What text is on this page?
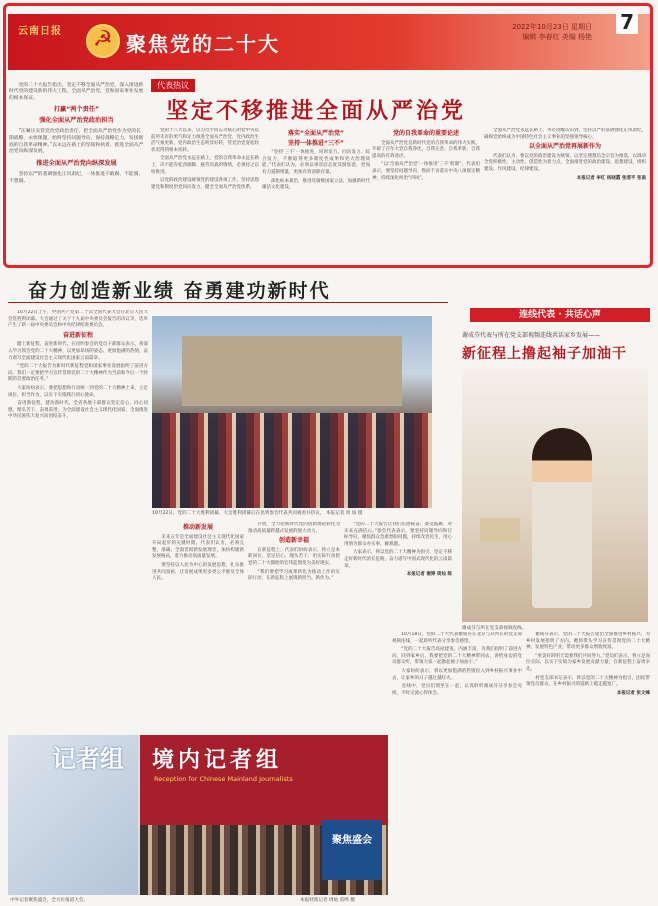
云南日报
☭
聚焦党的二十大
2022年10月23日 星期日
编辑 李春红 美编 杨艳
7

　　党的二十大报告指出，坚定不移全面从严治党，深入推进新时代党的建设新的伟大工程。全面从严治党，党和国家事业发展的根本保证。

打赢“两个责任”
强化全面从严治党政治担当

　　“压紧压实管党治党政治责任，把全面从严治党作为党的长期战略、永恒课题，始终坚持问题导向，保持战略定力，发扬彻底的自我革命精神。”以永远在路上的坚韧和执着，推进全面从严治党向纵深发展。

推进全面从严治党向纵深发展

　　坚持以严的基调强化正风肃纪，一体推进不敢腐、不能腐、不想腐。

代表热议
坚定不移推进全面从严治党

　　党的十八大以来，以习近平同志为核心的党中央以前所未有的勇气和定力推进全面从严治党，党内政治生活气象更新，党内政治生态明显好转，管党治党宽松软状况得到根本扭转。

　　全面从严治党永远在路上，党的自我革命永远在路上，决不能有松劲歇脚、疲劳厌战的情绪，必须持之以恒推进。

　　以党的政治建设统领党的建设各项工作，坚持思想建党和制度治党同向发力，健全全面从严治党体系。

落实“全面从严治党”
坚持一体推进“三不”

　　“坚持‘三不’一体推进，同时发力、同向发力、综合发力，不断取得更多制度性成果和更大治理效能。”代表们认为，必须以零容忍态度反腐惩恶，更加有力遏制增量，更加有效清除存量。

　　深化标本兼治，推进反腐败国家立法，加强新时代廉洁文化建设。

党的自我革命的重要论述

　　全面从严治党是新时代党的自我革命的伟大实践，开辟了百年大党自我净化、自我完善、自我革新、自我提高的有效途径。

　　“以‘全面从严治党’一体推进‘三不’机制”，代表们表示，要坚持问题导向，锲而不舍落实中央八项规定精神，持续深化纠治“四风”。

　　全面从严治党永远在路上，务必清醒认识到，坚持以严的基调强化正风肃纪，确保党始终成为中国特色社会主义事业的坚强领导核心。

以全面从严治党再展新作为

　　代表们认为，要以党的政治建设为统领，以坚定理想信念宗旨为根基，以调动全党积极性、主动性、创造性为着力点，全面推进党的政治建设、思想建设、组织建设、作风建设、纪律建设。

本报记者 李红 杨晓霞 张清平 张南
奋力创造新业绩 奋勇建功新时代

　　10月22日上午，中国共产党第二十次全国代表大会在北京人民大会堂胜利闭幕。大会通过了关于十九届中央委员会报告的决议等，选举产生了新一届中央委员会和中央纪律检查委员会。

奋进新征程

　　踏上新征程，奋进新时代。在昆明参会的党员干部群众表示，将深入学习领会党的二十大精神，以更加昂扬的姿态、更加饱满的热情，奋力谱写全面建设社会主义现代化国家云南篇章。

　　“党的二十大报告为新时代新征程党和国家事业发展指明了前进方向。我们一定要把学习宣传贯彻党的二十大精神作为当前和今后一个时期的首要政治任务。”

　　大家纷纷表示，要把思想和行动统一到党的二十大精神上来，立足岗位、担当作为，以实干实绩践行初心使命。

　　奋进新征程，建功新时代。全省各地干部群众坚定信心、同心同德，埋头苦干、奋勇前进，为全面建设社会主义现代化国家、全面推进中华民族伟大复兴而团结奋斗。

10月22日，党的二十大胜利闭幕。大会胜利闭幕后在昆明参会代表共同观看并热议。 本报记者 周 灿 摄
推动新发展

　　未来五年是全面建设社会主义现代化国家开局起步的关键时期。代表们认为，必须完整、准确、全面贯彻新发展理念，加快构建新发展格局，着力推动高质量发展。

　　要坚持以人民为中心的发展思想，扎实推进共同富裕，让发展成果更多更公平惠及全体人民。

　　开放，全力把新时代党的创新理论转化为推动高质量跨越式发展的强大动力。

创造新幸福

　　在新征程上，代表们纷纷表示，将立足本职岗位，坚定信心、埋头苦干，用实际行动把党的二十大描绘的宏伟蓝图变为美好现实。

　　“我们要把学习成果转化为推动工作的实际行动，在新征程上展现新担当、新作为。”

　　“党的二十大报告让我们倍感振奋、备受鼓舞，对未来充满信心。”参会代表表示，要坚持问题导向和目标导向，聚焦群众急难愁盼问题，持续改善民生，用心用情为群众办实事、解难题。

　　大家表示，将以党的二十大精神为指引，坚定不移走好新时代的长征路，奋力谱写中国式现代化的云南篇章。

本报记者 谢婷 周灿 陈
连线代表 · 共话心声
谢成芬代表与所在党支部视频连线共话家乡发展——
新征程上撸起袖子加油干
谢成芬与所在党支部视频连线。

　　10月18日，党的二十大代表谢成芬在北京与其所在的党支部视频连线，一起聆听代表分享参会感悟。

　　“党的二十大报告高屋建瓴、内涵丰富，为我们指明了前进方向。回到家乡后，我要把党的二十大精神带回去，讲给身边的党员群众听，带领大家一起撸起袖子加油干。”

　　大家纷纷表示，将以更加饱满的热情投入到乡村振兴事业中去，让家乡的日子越过越红火。

　　连线中，党员们围坐在一起，认真聆听谢成芬分享参会见闻，不时交流心得体会。

　　谢成芬表示，党的二十大报告提出全面推进乡村振兴，为乡村发展指明了方向。她将带头学习宣传贯彻党的二十大精神，发展特色产业，带动更多群众增收致富。

　　“更美好的明天需要我们共同努力。”党员们表示，将立足岗位实际，以实干实绩为家乡发展贡献力量，在新征程上奋勇争先。

　　村党支部书记表示，将以党的二十大精神为指引，团结带领党员群众，在乡村振兴的道路上越走越宽广。

本报记者 张文峰
记者组 境内记者组
Reception for Chinese Mainland Journalists
聚焦盛会
中外记者聚焦盛会，全方位报道大会。	本报特派记者 周灿 雷鸣 摄
